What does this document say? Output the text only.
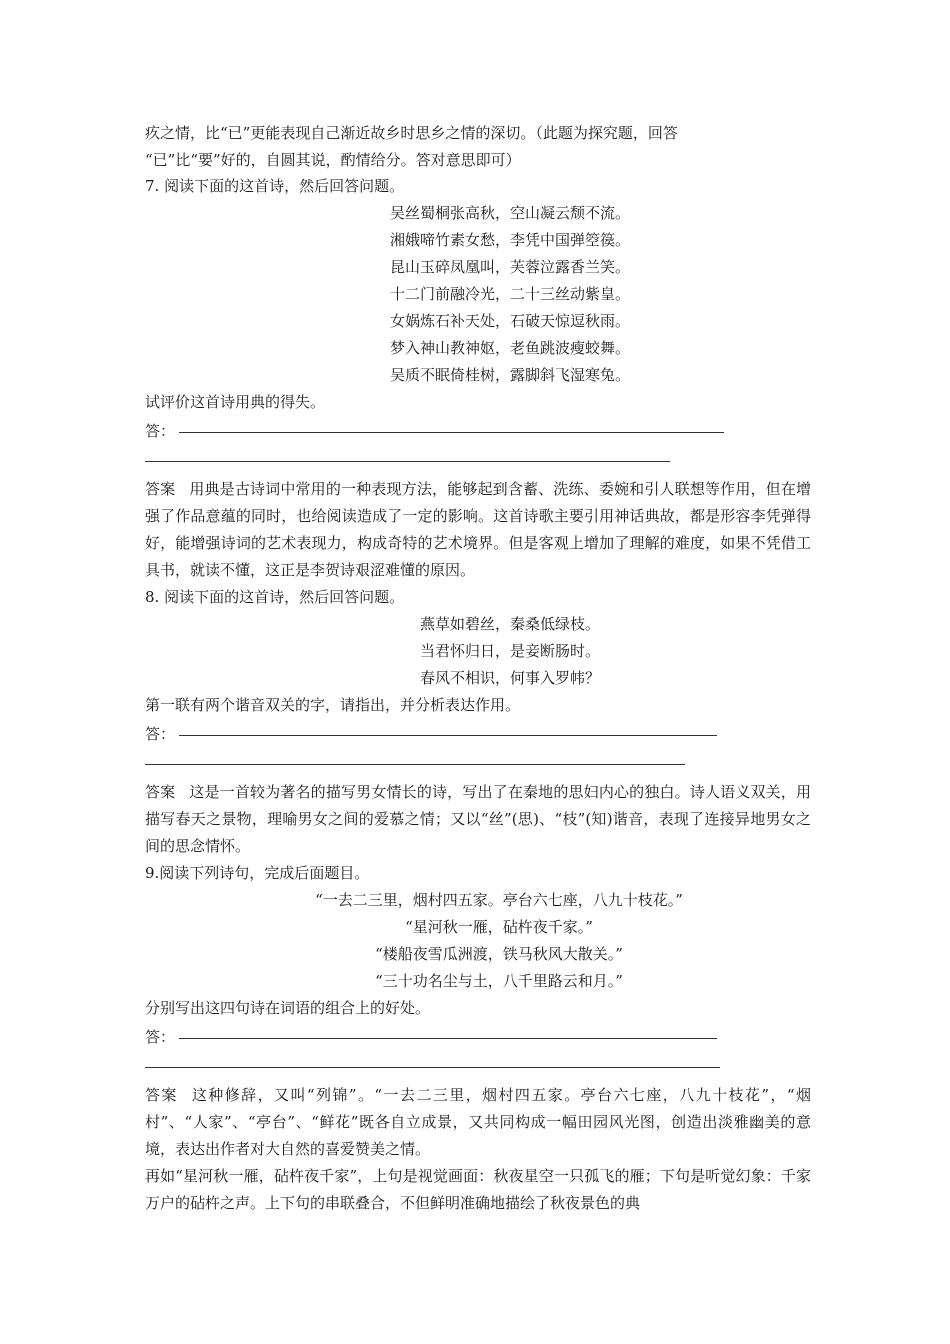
疚之情，比“已”更能表现自己渐近故乡时思乡之情的深切。（此题为探究题，回答
“已”比“要”好的，自圆其说，酌情给分。答对意思即可）
7. 阅读下面的这首诗，然后回答问题。
吴丝蜀桐张高秋，空山凝云颓不流。
湘娥啼竹素女愁，李凭中国弹箜篌。
昆山玉碎凤凰叫，芙蓉泣露香兰笑。
十二门前融冷光，二十三丝动紫皇。
女娲炼石补天处，石破天惊逗秋雨。
梦入神山教神妪，老鱼跳波瘦蛟舞。
吴质不眠倚桂树，露脚斜飞湿寒兔。
试评价这首诗用典的得失。
答：
答案 用典是古诗词中常用的一种表现方法，能够起到含蓄、洗练、委婉和引人联想等作用，但在增强了作品意蕴的同时，也给阅读造成了一定的影响。这首诗歌主要引用神话典故，都是形容李凭弹得好，能增强诗词的艺术表现力，构成奇特的艺术境界。但是客观上增加了理解的难度，如果不凭借工具书，就读不懂，这正是李贺诗艰涩难懂的原因。
8. 阅读下面的这首诗，然后回答问题。
燕草如碧丝，秦桑低绿枝。
当君怀归日，是妾断肠时。
春风不相识，何事入罗帏？
第一联有两个谐音双关的字，请指出，并分析表达作用。
答：
答案 这是一首较为著名的描写男女情长的诗，写出了在秦地的思妇内心的独白。诗人语义双关，用描写春天之景物，理喻男女之间的爱慕之情；又以“丝”(思)、“枝”(知)谐音，表现了连接异地男女之间的思念情怀。
9.阅读下列诗句，完成后面题目。
“一去二三里，烟村四五家。亭台六七座，八九十枝花。”
“星河秋一雁，砧杵夜千家。”
“楼船夜雪瓜洲渡，铁马秋风大散关。”
“三十功名尘与土，八千里路云和月。”
分别写出这四句诗在词语的组合上的好处。
答：
答案 这种修辞，又叫“列锦”。“一去二三里，烟村四五家。亭台六七座，八九十枝花”，“烟村”、“人家”、“亭台”、“鲜花”既各自立成景，又共同构成一幅田园风光图，创造出淡雅幽美的意境，表达出作者对大自然的喜爱赞美之情。
再如“星河秋一雁，砧杵夜千家”，上句是视觉画面：秋夜星空一只孤飞的雁；下句是听觉幻象：千家万户的砧杵之声。上下句的串联叠合，不但鲜明准确地描绘了秋夜景色的典
